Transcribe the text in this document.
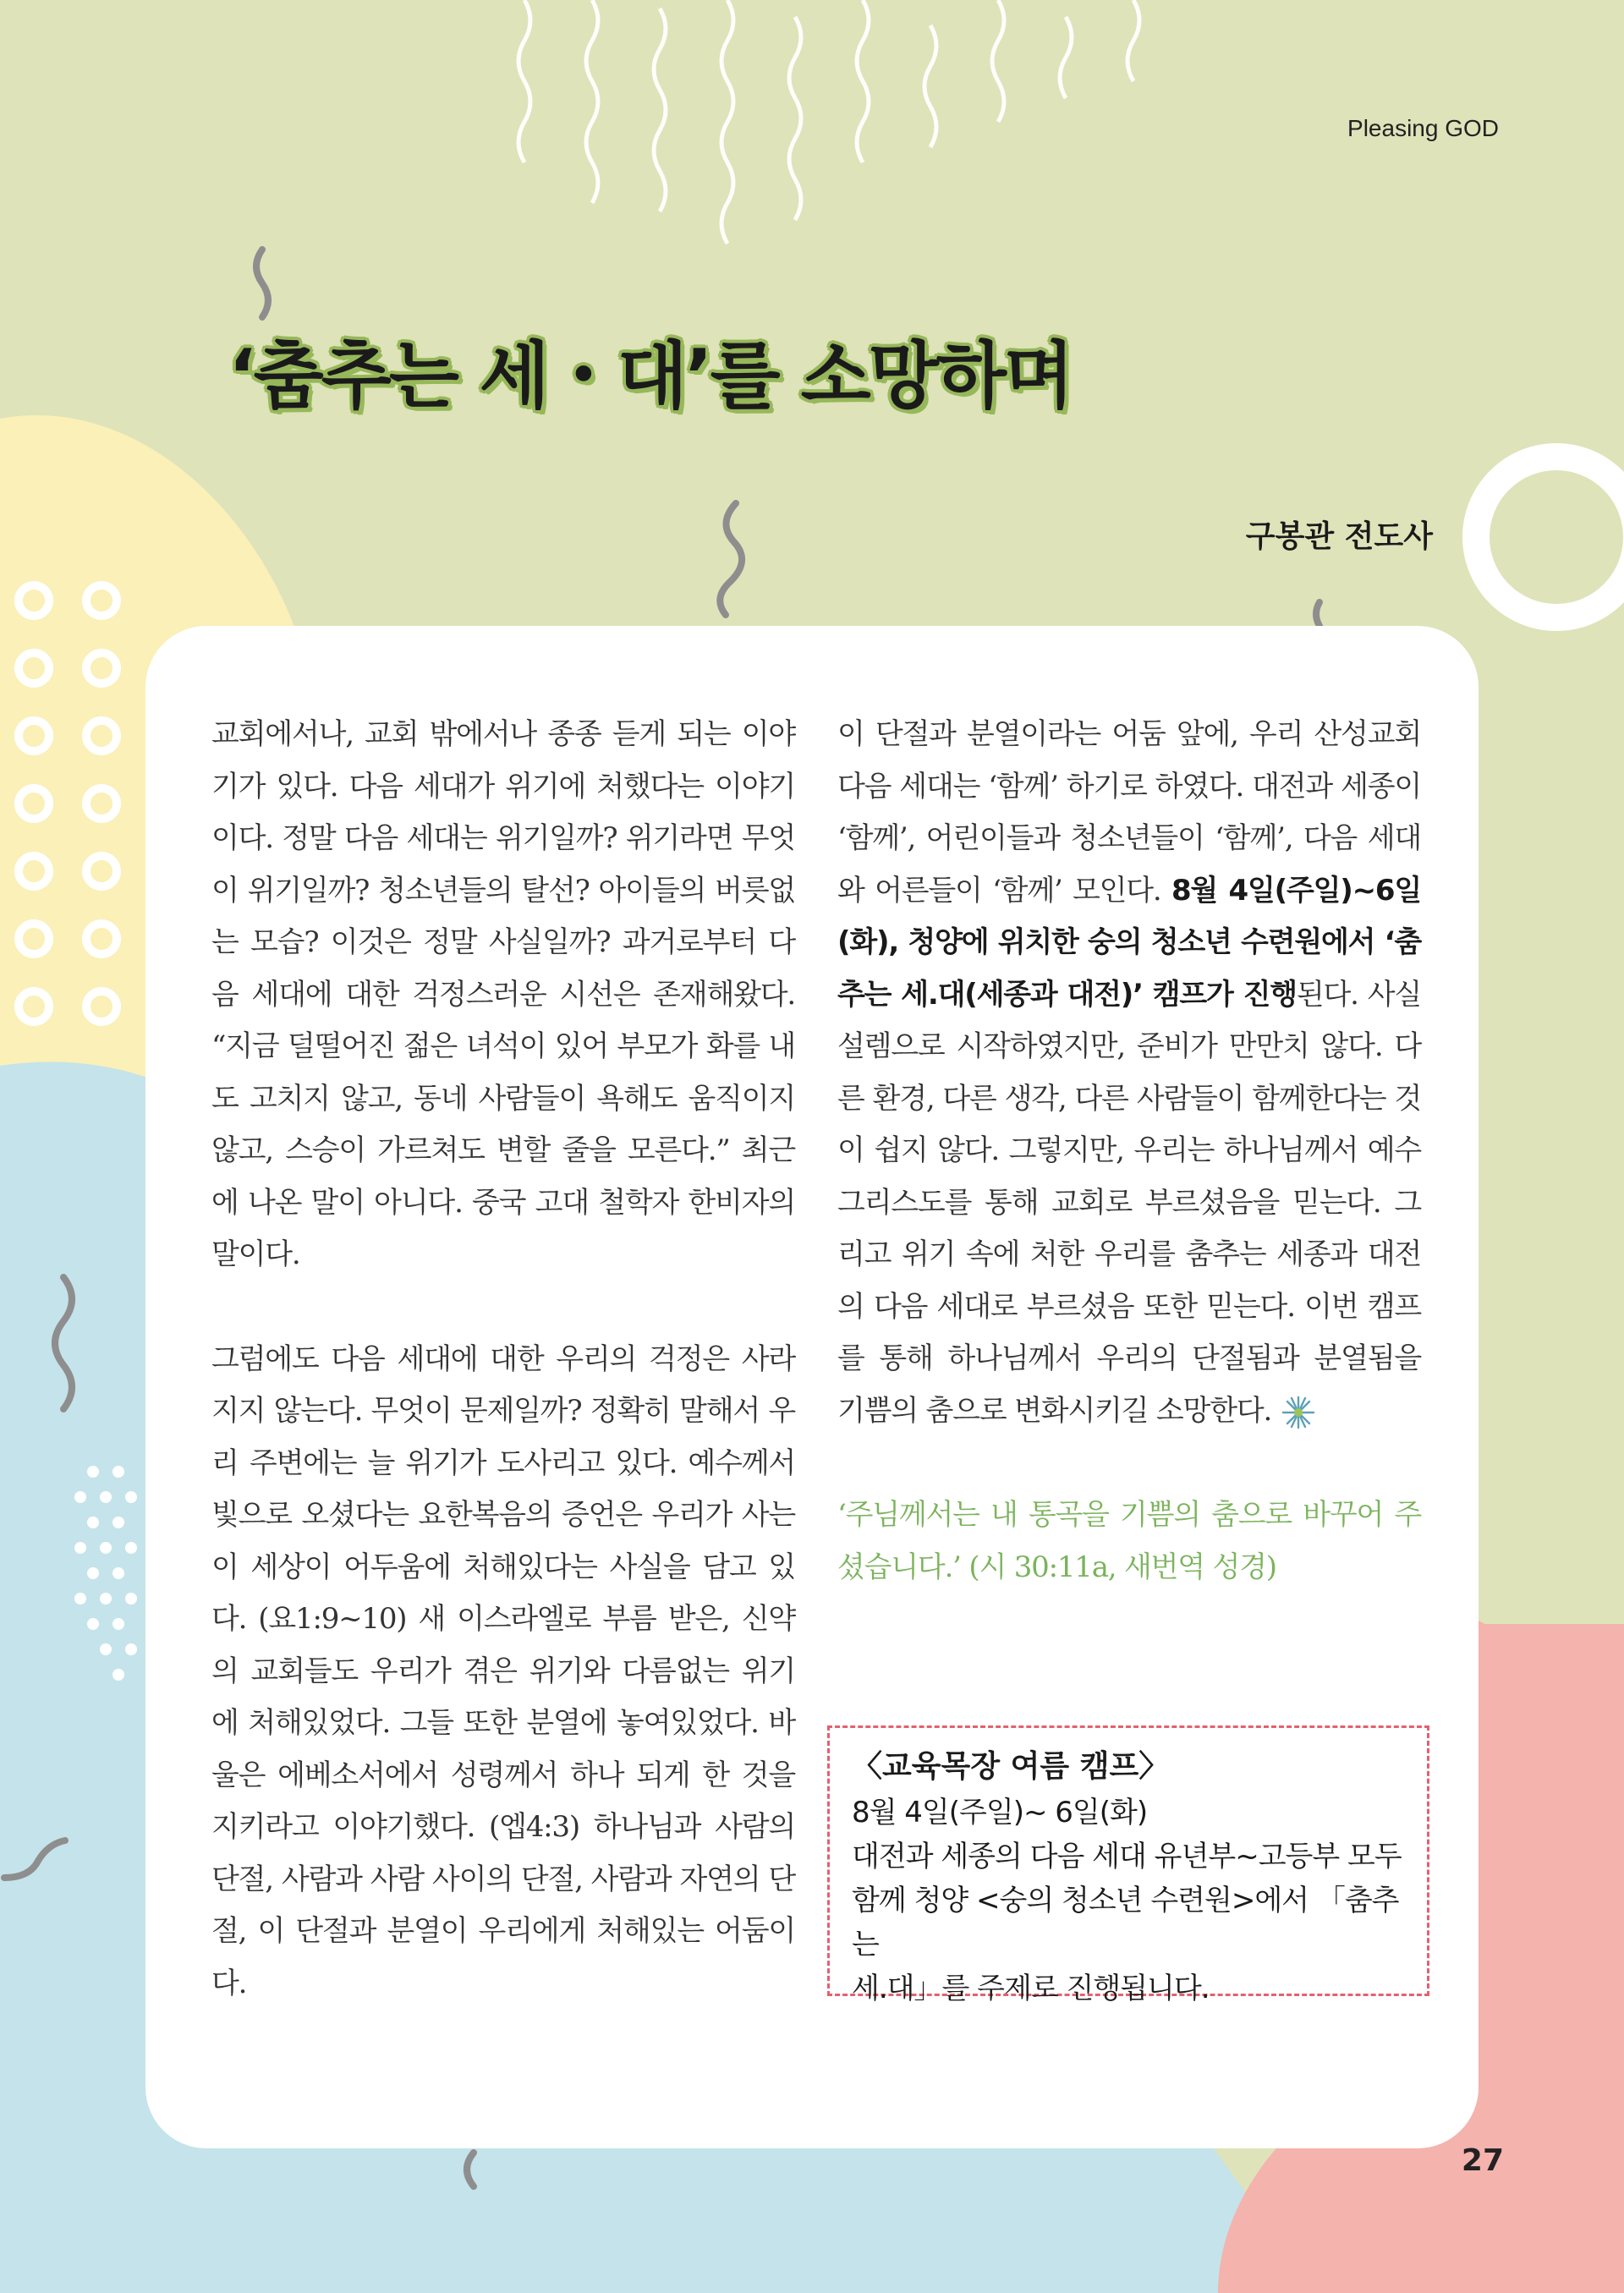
Pleasing GOD
‘춤추는 세・대’를 소망하며
구봉관 전도사

교회에서나, 교회 밖에서나 종종 듣게 되는 이야기가 있다. 다음 세대가 위기에 처했다는 이야기이다. 정말 다음 세대는 위기일까? 위기라면 무엇이 위기일까? 청소년들의 탈선? 아이들의 버릇없는 모습? 이것은 정말 사실일까? 과거로부터 다음 세대에 대한 걱정스러운 시선은 존재해왔다. “지금 덜떨어진 젊은 녀석이 있어 부모가 화를 내도 고치지 않고, 동네 사람들이 욕해도 움직이지 않고, 스승이 가르쳐도 변할 줄을 모른다.” 최근에 나온 말이 아니다. 중국 고대 철학자 한비자의 말이다.

그럼에도 다음 세대에 대한 우리의 걱정은 사라지지 않는다. 무엇이 문제일까? 정확히 말해서 우리 주변에는 늘 위기가 도사리고 있다. 예수께서 빛으로 오셨다는 요한복음의 증언은 우리가 사는 이 세상이 어두움에 처해있다는 사실을 담고 있다. (요1:9~10) 새 이스라엘로 부름 받은, 신약의 교회들도 우리가 겪은 위기와 다름없는 위기에 처해있었다. 그들 또한 분열에 놓여있었다. 바울은 에베소서에서 성령께서 하나 되게 한 것을 지키라고 이야기했다. (엡4:3) 하나님과 사람의 단절, 사람과 사람 사이의 단절, 사람과 자연의 단절, 이 단절과 분열이 우리에게 처해있는 어둠이다.

이 단절과 분열이라는 어둠 앞에, 우리 산성교회 다음 세대는 ‘함께’ 하기로 하였다. 대전과 세종이 ‘함께’, 어린이들과 청소년들이 ‘함께’, 다음 세대와 어른들이 ‘함께’ 모인다. 8월 4일(주일)~6일(화), 청양에 위치한 숭의 청소년 수련원에서 ‘춤추는 세.대(세종과 대전)’ 캠프가 진행된다. 사실 설렘으로 시작하였지만, 준비가 만만치 않다. 다른 환경, 다른 생각, 다른 사람들이 함께한다는 것이 쉽지 않다. 그렇지만, 우리는 하나님께서 예수 그리스도를 통해 교회로 부르셨음을 믿는다. 그리고 위기 속에 처한 우리를 춤추는 세종과 대전의 다음 세대로 부르셨음 또한 믿는다. 이번 캠프를 통해 하나님께서 우리의 단절됨과 분열됨을 기쁨의 춤으로 변화시키길 소망한다.

‘주님께서는 내 통곡을 기쁨의 춤으로 바꾸어 주셨습니다.’ (시 30:11a, 새번역 성경)

〈교육목장 여름 캠프〉
8월 4일(주일)~ 6일(화)
대전과 세종의 다음 세대 유년부~고등부 모두
함께 청양 <숭의 청소년 수련원>에서 「춤추는
세.대」를 주제로 진행됩니다.
27
